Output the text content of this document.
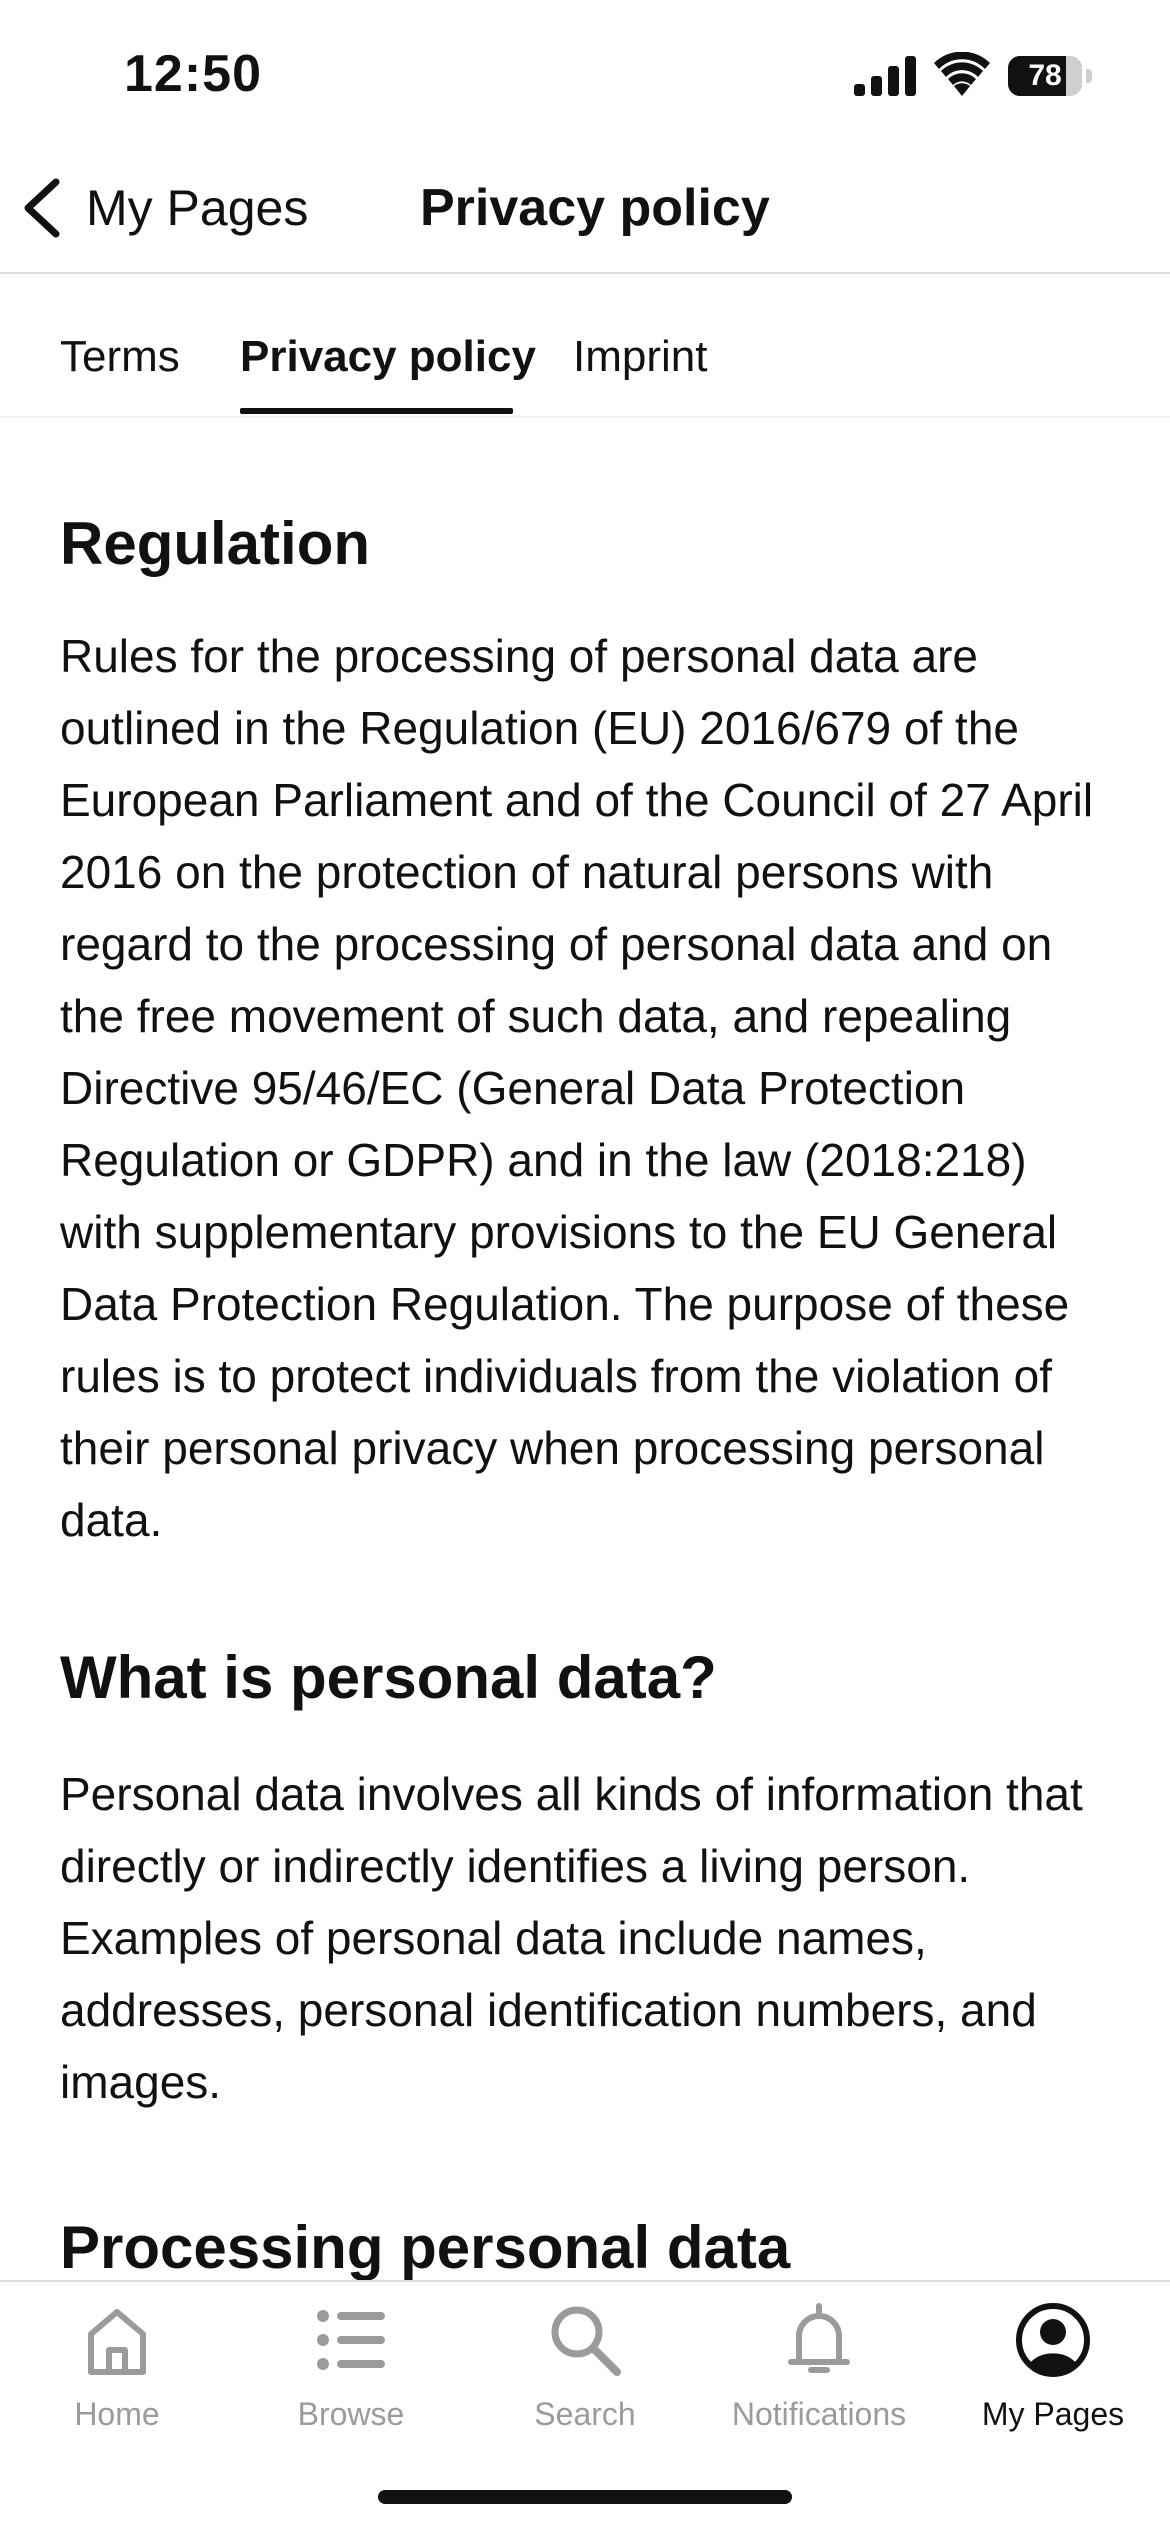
12:50	78
My Pages Privacy policy
Terms Privacy policy Imprint
Regulation

Rules for the processing of personal data are outlined in the Regulation (EU) 2016/679 of the European Parliament and of the Council of 27 April 2016 on the protection of natural persons with regard to the processing of personal data and on the free movement of such data, and repealing Directive 95/46/EC (General Data Protection Regulation or GDPR) and in the law (2018:218) with supplementary provisions to the EU General Data Protection Regulation. The purpose of these rules is to protect individuals from the violation of their personal privacy when processing personal data.

What is personal data?

Personal data involves all kinds of information that directly or indirectly identifies a living person. Examples of personal data include names, addresses, personal identification numbers, and images.

Processing personal data
Home	Browse	Search	Notifications	My Pages
